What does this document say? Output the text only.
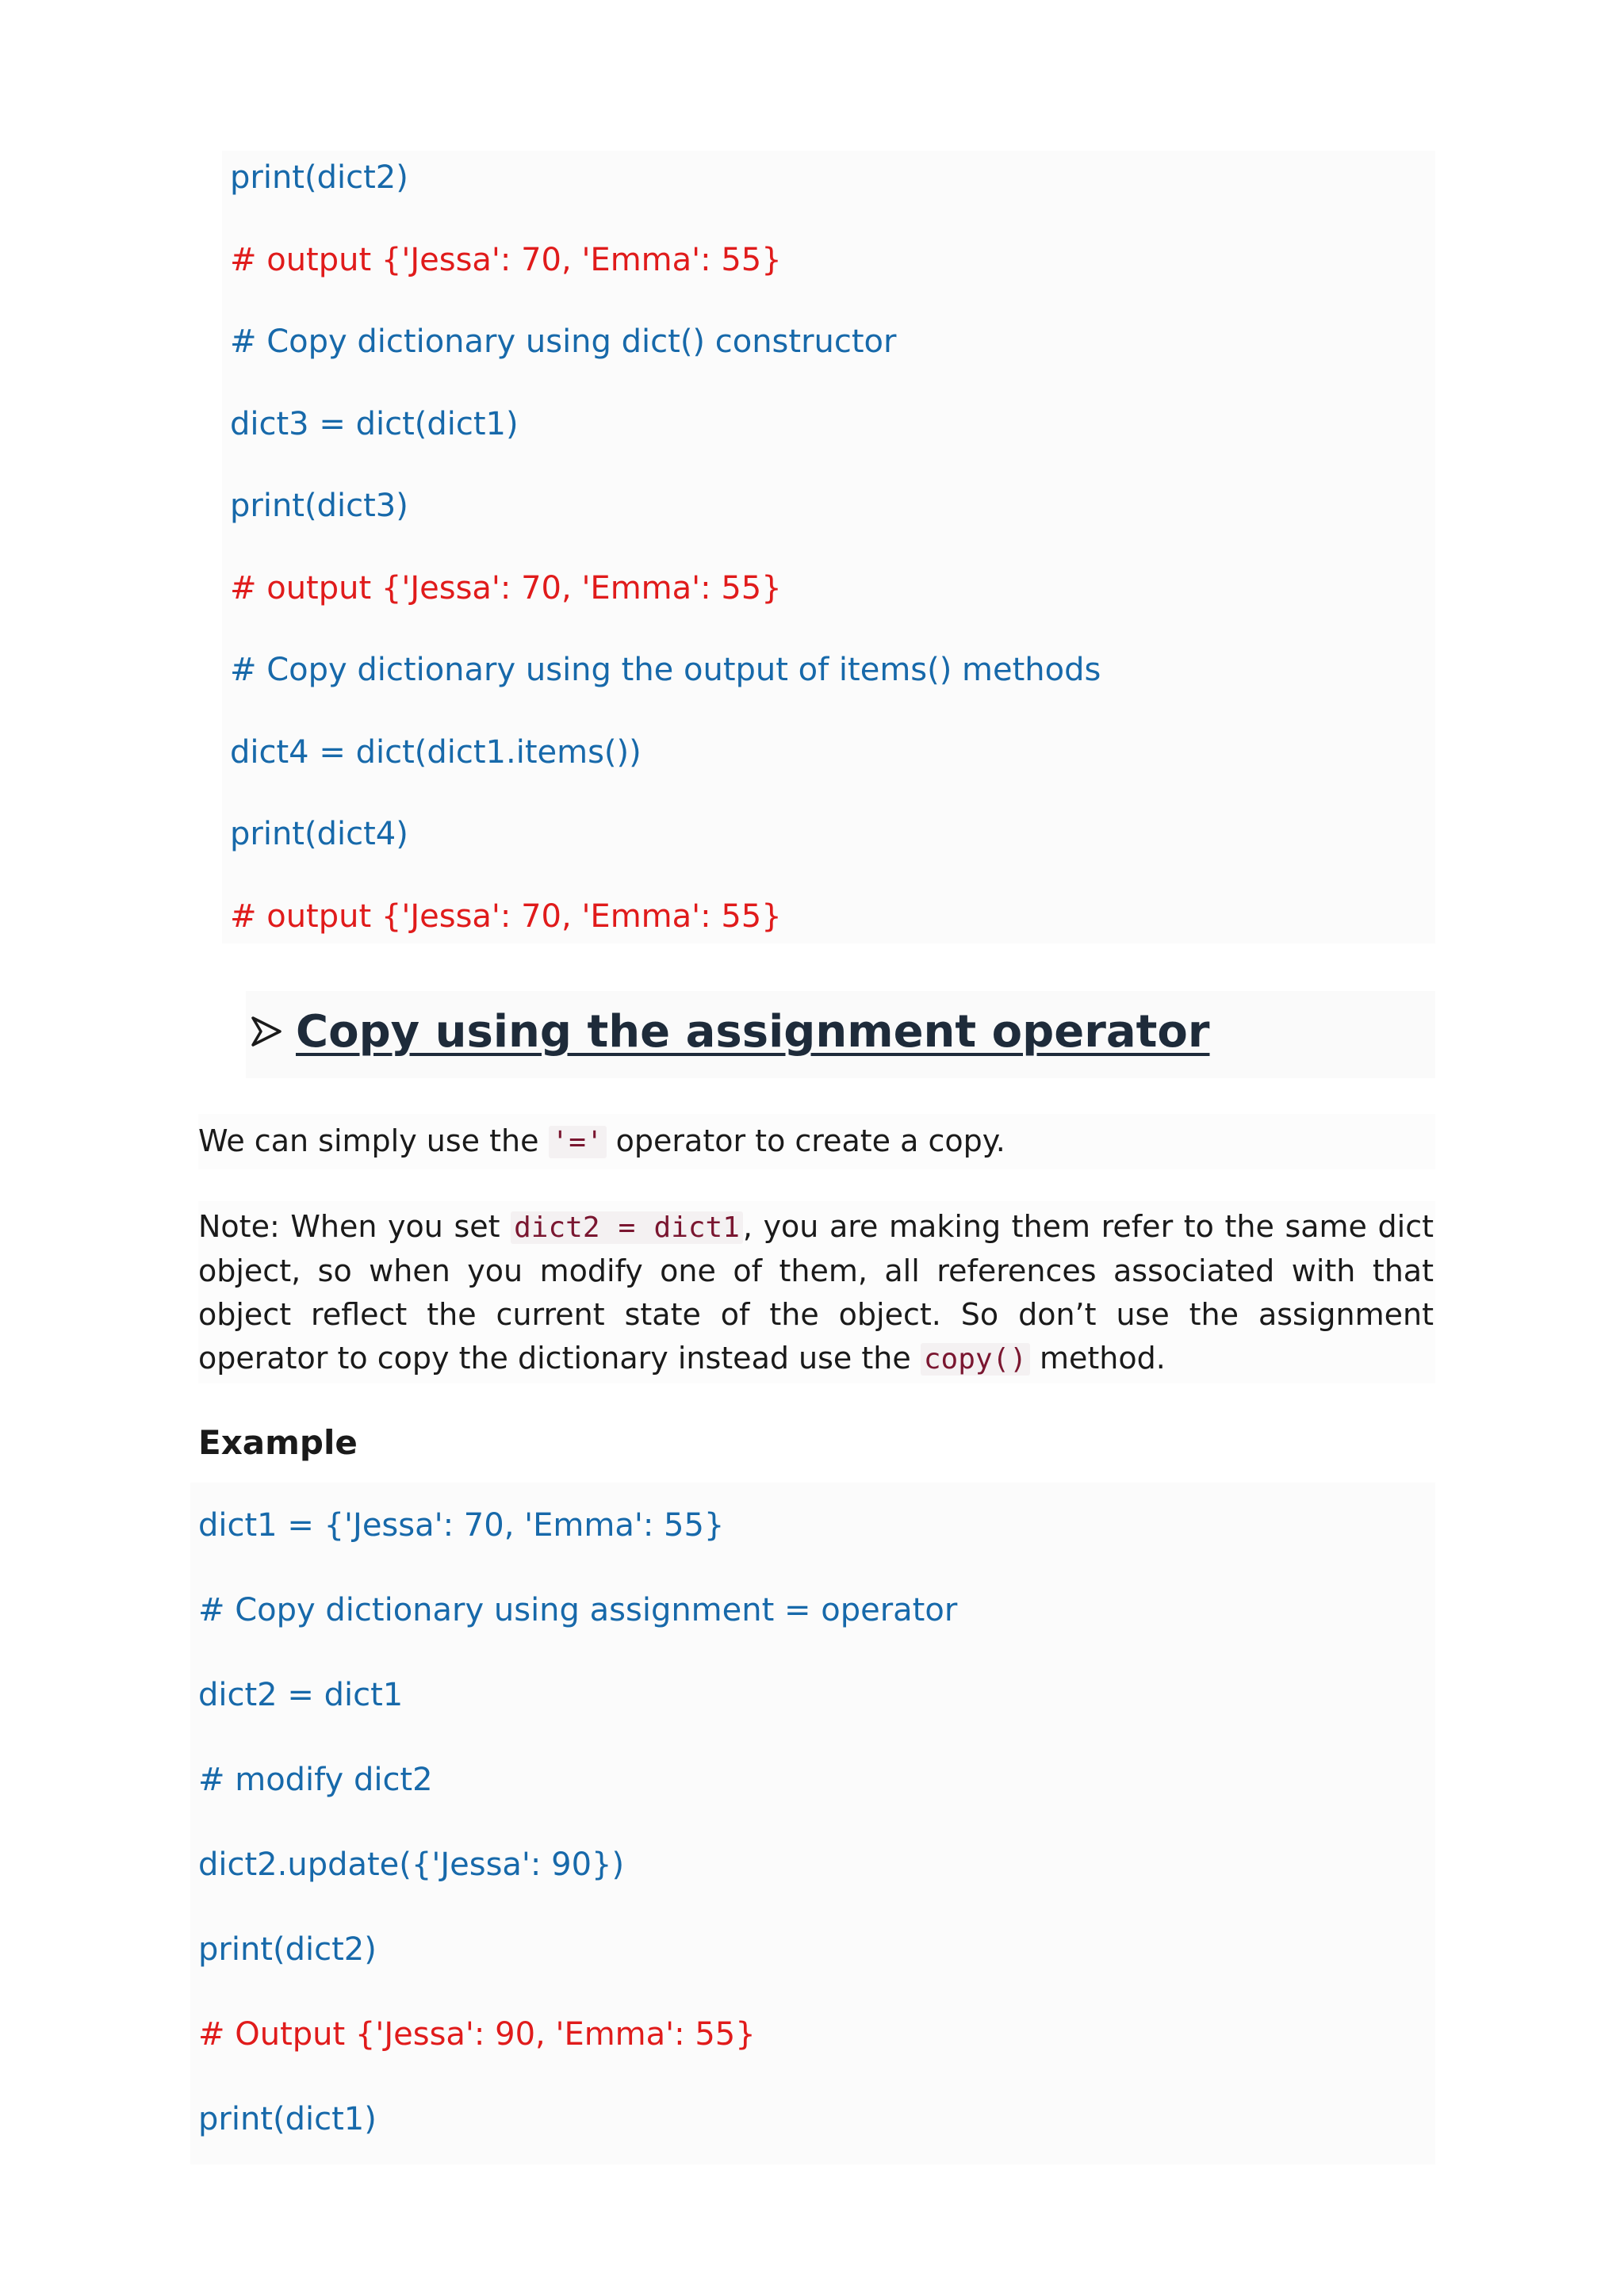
print(dict2)
# output {'Jessa': 70, 'Emma': 55}
# Copy dictionary using dict() constructor
dict3 = dict(dict1)
print(dict3)
# output {'Jessa': 70, 'Emma': 55}
# Copy dictionary using the output of items() methods
dict4 = dict(dict1.items())
print(dict4)
# output {'Jessa': 70, 'Emma': 55}
Copy using the assignment operator
We can simply use the '=' operator to create a copy.
Note: When you set dict2 = dict1 , you are making them refer to the same dict object, so when you modify one of them, all references associated with that object reflect the current state of the object. So don’t use the assignment operator to copy the dictionary instead use the copy() method.
Example
dict1 = {'Jessa': 70, 'Emma': 55}
# Copy dictionary using assignment = operator
dict2 = dict1
# modify dict2
dict2.update({'Jessa': 90})
print(dict2)
# Output {'Jessa': 90, 'Emma': 55}
print(dict1)
